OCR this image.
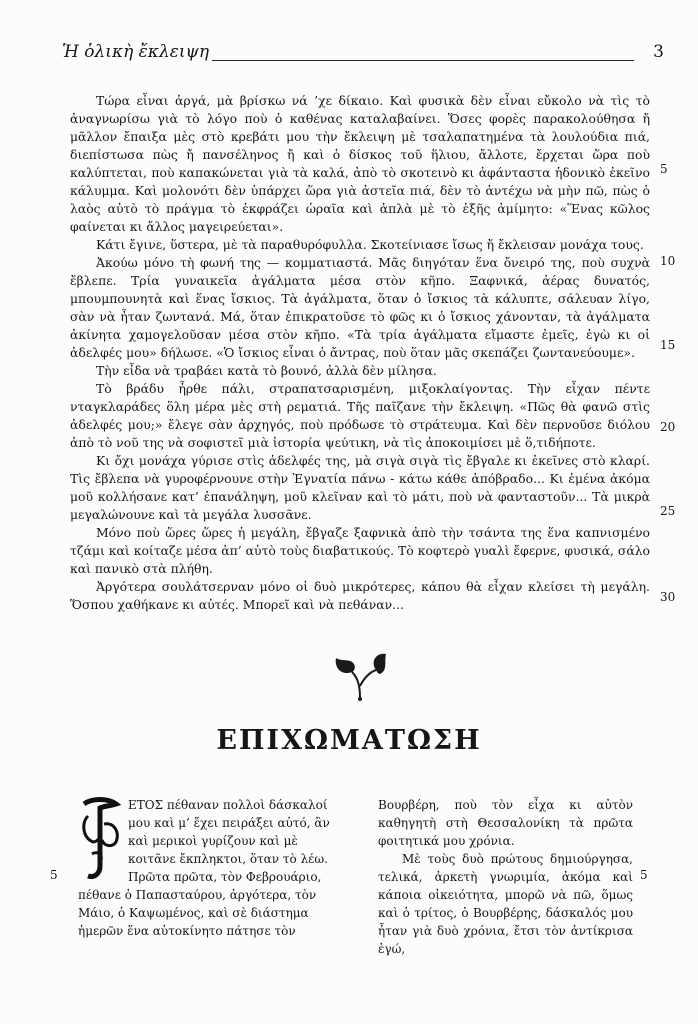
Ἡ ὁλικὴ ἔκλειψη	3

Τώρα εἶναι ἀργά, μὰ βρίσκω νά ’χε δίκαιο. Καὶ φυσικὰ δὲν εἶναι εὔκολο νὰ τὶς τὸ ἀναγνωρίσω γιὰ τὸ λόγο ποὺ ὁ καθένας καταλαβαίνει. Ὅσες φορὲς παρακολούθησα ἤ μᾶλλον ἔπαιξα μὲς στὸ κρεβάτι μου τὴν ἔκλειψη μὲ τσαλαπατημένα τὰ λουλούδια πιά, διεπίστωσα πὼς ἤ πανσέληνος ἤ καὶ ὁ δίσκος τοῦ ἥλιου, ἄλλοτε, ἔρχεται ὥρα ποὺ καλύπτεται, ποὺ καπακώνεται γιὰ τὰ καλά, ἀπὸ τὸ σκοτεινὸ κι ἀφάνταστα ἡδονικὸ ἐκεῖνο κάλυμμα. Καὶ μολονότι δὲν ὑπάρχει ὥρα γιὰ ἀστεῖα πιά, δὲν τὸ ἀντέχω νὰ μὴν πῶ, πὼς ὁ λαὸς αὐτὸ τὸ πράγμα τὸ ἐκφράζει ὡραῖα καὶ ἁπλὰ μὲ τὸ ἑξῆς ἀμίμητο: «Ἕνας κῶλος φαίνεται κι ἄλλος μαγειρεύεται».

Κάτι ἔγινε, ὕστερα, μὲ τὰ παραθυρόφυλλα. Σκοτείνιασε ἴσως ἤ ἔκλεισαν μονάχα τους.

Ἀκούω μόνο τὴ φωνή της — κομματιαστά. Μᾶς διηγόταν ἕνα ὄνειρό της, ποὺ συχνὰ ἔβλεπε. Τρία γυναικεῖα ἀγάλματα μέσα στὸν κῆπο. Ξαφνικά, ἀέρας δυνατός, μπουμπουνητὰ καὶ ἕνας ἴσκιος. Τὰ ἀγάλματα, ὅταν ὁ ἴσκιος τὰ κάλυπτε, σάλευαν λίγο, σὰν νὰ ἦταν ζωντανά. Μά, ὅταν ἐπικρατοῦσε τὸ φῶς κι ὁ ἴσκιος χάνονταν, τὰ ἀγάλματα ἀκίνητα χαμογελοῦσαν μέσα στὸν κῆπο. «Τὰ τρία ἀγάλματα εἴμαστε ἐμεῖς, ἐγὼ κι οἱ ἀδελφές μου» δήλωσε. «Ὁ ἴσκιος εἶναι ὁ ἄντρας, ποὺ ὅταν μᾶς σκεπάζει ζωντανεύουμε».

Τὴν εἶδα νὰ τραβάει κατὰ τὸ βουνό, ἀλλὰ δὲν μίλησα.

Τὸ βράδυ ἦρθε πάλι, στραπατσαρισμένη, μιξοκλαίγοντας. Τὴν εἶχαν πέντε νταγκλαράδες ὅλη μέρα μὲς στὴ ρεματιά. Τῆς παῖζανε τὴν ἔκλειψη. «Πῶς θὰ φανῶ στὶς ἀδελφές μου;» ἔλεγε σὰν ἀρχηγός, ποὺ πρόδωσε τὸ στράτευμα. Καὶ δὲν περνοῦσε διόλου ἀπὸ τὸ νοῦ της νὰ σοφιστεῖ μιὰ ἱστορία ψεύτικη, νὰ τὶς ἀποκοιμίσει μὲ ὅ,τιδήποτε.

Κι ὄχι μονάχα γύρισε στὶς ἀδελφές της, μὰ σιγὰ σιγὰ τὶς ἔβγαλε κι ἐκεῖνες στὸ κλαρί. Τὶς ἔβλεπα νὰ γυροφέρνουνε στὴν Ἐγνατία πάνω - κάτω κάθε ἀπόβραδο... Κι ἐμένα ἀκόμα μοῦ κολλήσανε κατ’ ἐπανάληψη, μοῦ κλεῖναν καὶ τὸ μάτι, ποὺ νὰ φανταστοῦν... Τὰ μικρὰ μεγαλώνουνε καὶ τὰ μεγάλα λυσσᾶνε.

Μόνο ποὺ ὥρες ὥρες ἡ μεγάλη, ἔβγαζε ξαφνικὰ ἀπὸ τὴν τσάντα της ἕνα καπνισμένο τζάμι καὶ κοίταζε μέσα ἀπ’ αὐτὸ τοὺς διαβατικούς. Τὸ κοφτερὸ γυαλὶ ἔφερνε, φυσικά, σάλο καὶ πανικὸ στὰ πλήθη.

Ἀργότερα σουλάτσερναν μόνο οἱ δυὸ μικρότερες, κάπου θὰ εἶχαν κλείσει τὴ μεγάλη. Ὅσπου χαθήκανε κι αὐτές. Μπορεῖ καὶ νὰ πεθάναν...

5
10
15
20
25
30
ΕΠΙΧΩΜΑΤΩΣΗ
ΕΤΟΣ πέθαναν πολλοὶ δάσκαλοί μου καὶ μ’ ἔχει πειράξει αὐτό, ἂν καὶ μερικοὶ γυρίζουν καὶ μὲ κοιτᾶνε ἔκπληκτοι, ὅταν τὸ λέω. Πρῶτα πρῶτα, τὸν Φεβρουάριο, πέθανε ὁ Παπασταύρου, ἀργότερα, τὸν Μάιο, ὁ Καψωμένος, καὶ σὲ διάστημα ἡμερῶν ἕνα αὐτοκίνητο πάτησε τὸν

Βουρβέρη, ποὺ τὸν εἶχα κι αὐτὸν καθηγητὴ στὴ Θεσσαλονίκη τὰ πρῶτα φοιτητικά μου χρόνια.

Μὲ τοὺς δυὸ πρώτους δημιούργησα, τελικά, ἀρκετὴ γνωριμία, ἀκόμα καὶ κάποια οἰκειότητα, μπορῶ νὰ πῶ, ὅμως καὶ ὁ τρίτος, ὁ Βουρβέρης, δάσκαλός μου ἦταν γιὰ δυὸ χρόνια, ἔτσι τὸν ἀντίκρισα ἐγώ,

5	5
